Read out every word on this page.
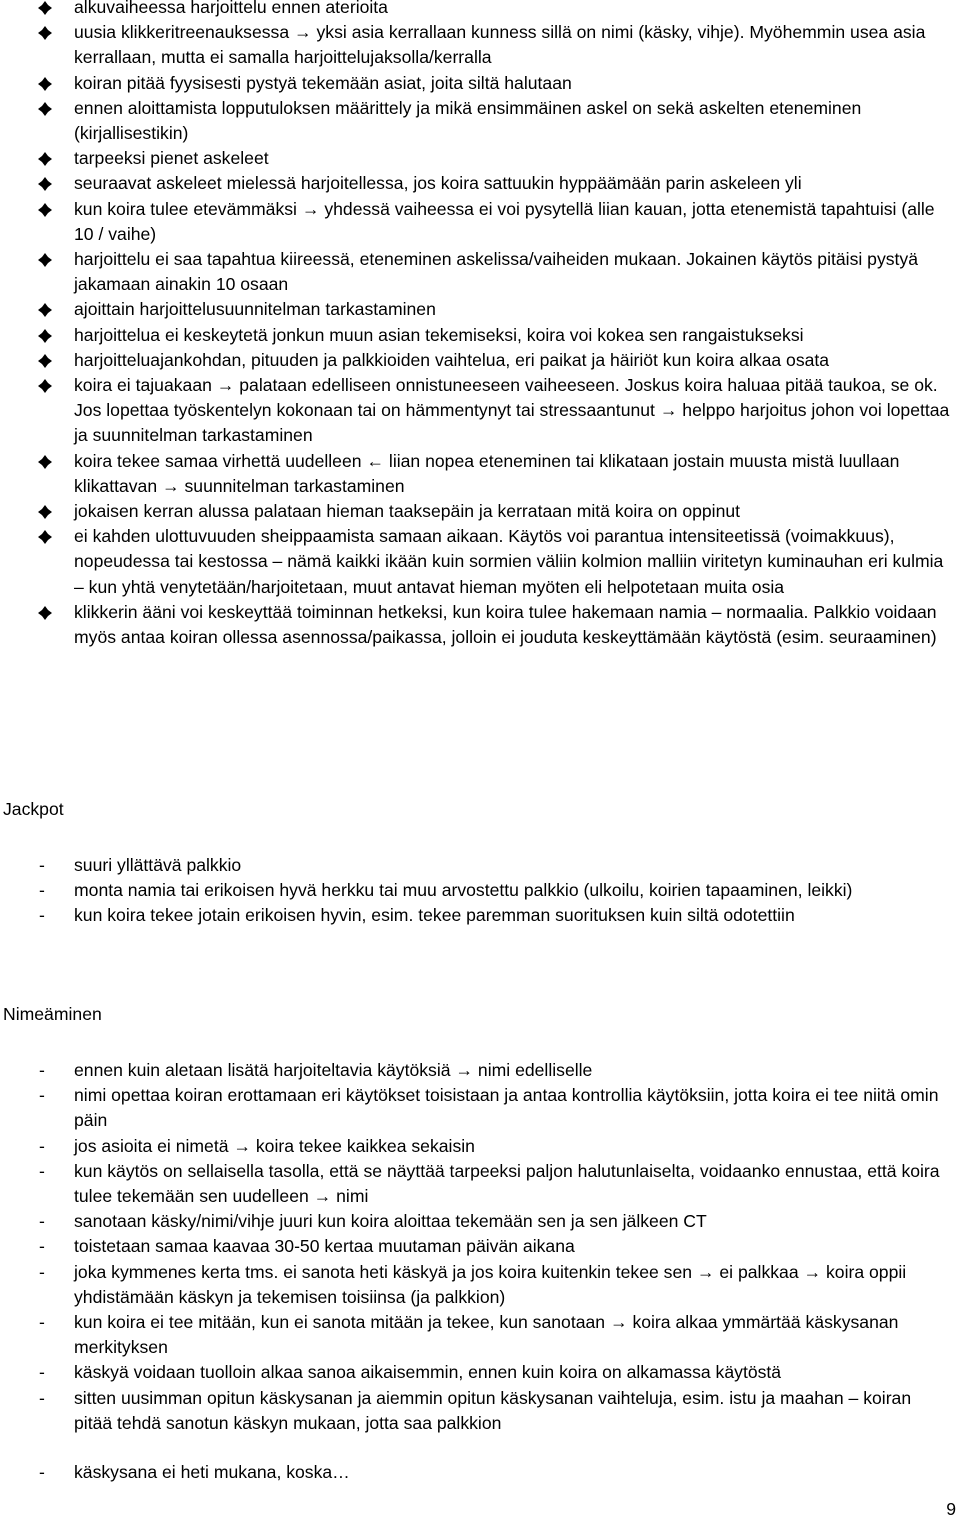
alkuvaiheessa harjoittelu ennen aterioita
uusia klikkeritreenauksessa → yksi asia kerrallaan kunness sillä on nimi (käsky, vihje). Myöhemmin usea asia kerrallaan, mutta ei samalla harjoittelujaksolla/kerralla
koiran pitää fyysisesti pystyä tekemään asiat, joita siltä halutaan
ennen aloittamista lopputuloksen määrittely ja mikä ensimmäinen askel on sekä askelten eteneminen (kirjallisestikin)
tarpeeksi pienet askeleet
seuraavat askeleet mielessä harjoitellessa, jos koira sattuukin hyppäämään parin askeleen yli
kun koira tulee etevämmäksi → yhdessä vaiheessa ei voi pysytellä liian kauan, jotta etenemistä tapahtuisi (alle 10 / vaihe)
harjoittelu ei saa tapahtua kiireessä, eteneminen askelissa/vaiheiden mukaan. Jokainen käytös pitäisi pystyä jakamaan ainakin 10 osaan
ajoittain harjoittelusuunnitelman tarkastaminen
harjoittelua ei keskeytetä jonkun muun asian tekemiseksi, koira voi kokea sen rangaistukseksi
harjoitteluajankohdan, pituuden ja palkkioiden vaihtelua, eri paikat ja häiriöt kun koira alkaa osata
koira ei tajuakaan → palataan edelliseen onnistuneeseen vaiheeseen. Joskus koira haluaa pitää taukoa, se ok. Jos lopettaa työskentelyn kokonaan tai on hämmentynyt tai stressaantunut → helppo harjoitus johon voi lopettaa ja suunnitelman tarkastaminen
koira tekee samaa virhettä uudelleen ← liian nopea eteneminen tai klikataan jostain muusta mistä luullaan klikattavan → suunnitelman tarkastaminen
jokaisen kerran alussa palataan hieman taaksepäin ja kerrataan mitä koira on oppinut
ei kahden ulottuvuuden sheippaamista samaan aikaan. Käytös voi parantua intensiteetissä (voimakkuus), nopeudessa tai kestossa – nämä kaikki ikään kuin sormien väliin kolmion malliin viritetyn kuminauhan eri kulmia – kun yhtä venytetään/harjoitetaan, muut antavat hieman myöten eli helpotetaan muita osia
klikkerin ääni voi keskeyttää toiminnan hetkeksi, kun koira tulee hakemaan namia – normaalia. Palkkio voidaan myös antaa koiran ollessa asennossa/paikassa, jolloin ei jouduta keskeyttämään käytöstä (esim. seuraaminen)
Jackpot
- suuri yllättävä palkkio
- monta namia tai erikoisen hyvä herkku tai muu arvostettu palkkio (ulkoilu, koirien tapaaminen, leikki)
- kun koira tekee jotain erikoisen hyvin, esim. tekee paremman suorituksen kuin siltä odotettiin
Nimeäminen
- ennen kuin aletaan lisätä harjoiteltavia käytöksiä → nimi edelliselle
- nimi opettaa koiran erottamaan eri käytökset toisistaan ja antaa kontrollia käytöksiin, jotta koira ei tee niitä omin päin
- jos asioita ei nimetä → koira tekee kaikkea sekaisin
- kun käytös on sellaisella tasolla, että se näyttää tarpeeksi paljon halutunlaiselta, voidaanko ennustaa, että koira tulee tekemään sen uudelleen → nimi
- sanotaan käsky/nimi/vihje juuri kun koira aloittaa tekemään sen ja sen jälkeen CT
- toistetaan samaa kaavaa 30-50 kertaa muutaman päivän aikana
- joka kymmenes kerta tms. ei sanota heti käskyä ja jos koira kuitenkin tekee sen → ei palkkaa → koira oppii yhdistämään käskyn ja tekemisen toisiinsa (ja palkkion)
- kun koira ei tee mitään, kun ei sanota mitään ja tekee, kun sanotaan → koira alkaa ymmärtää käskysanan merkityksen
- käskyä voidaan tuolloin alkaa sanoa aikaisemmin, ennen kuin koira on alkamassa käytöstä
- sitten uusimman opitun käskysanan ja aiemmin opitun käskysanan vaihteluja, esim. istu ja maahan – koiran pitää tehdä sanotun käskyn mukaan, jotta saa palkkion
- käskysana ei heti mukana, koska…
9
